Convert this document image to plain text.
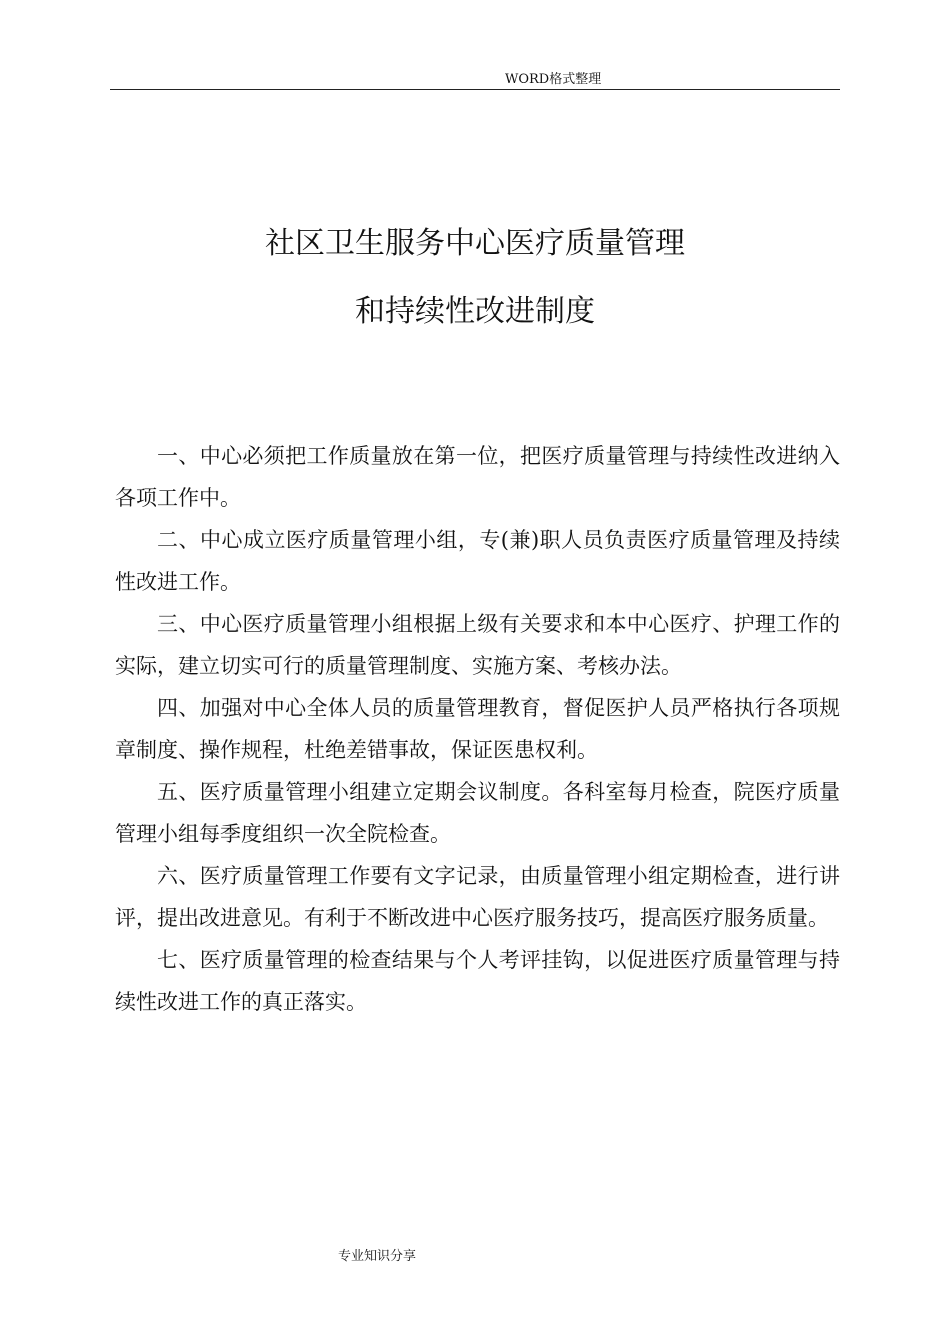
WORD格式整理
社区卫生服务中心医疗质量管理
和持续性改进制度

一、中心必须把工作质量放在第一位，把医疗质量管理与持续性改进纳入各项工作中。

二、中心成立医疗质量管理小组，专(兼)职人员负责医疗质量管理及持续性改进工作。

三、中心医疗质量管理小组根据上级有关要求和本中心医疗、护理工作的实际，建立切实可行的质量管理制度、实施方案、考核办法。

四、加强对中心全体人员的质量管理教育，督促医护人员严格执行各项规章制度、操作规程，杜绝差错事故，保证医患权利。

五、医疗质量管理小组建立定期会议制度。各科室每月检查，院医疗质量管理小组每季度组织一次全院检查。

六、医疗质量管理工作要有文字记录，由质量管理小组定期检查，进行讲评，提出改进意见。有利于不断改进中心医疗服务技巧，提高医疗服务质量。

七、医疗质量管理的检查结果与个人考评挂钩，以促进医疗质量管理与持续性改进工作的真正落实。

专业知识分享
